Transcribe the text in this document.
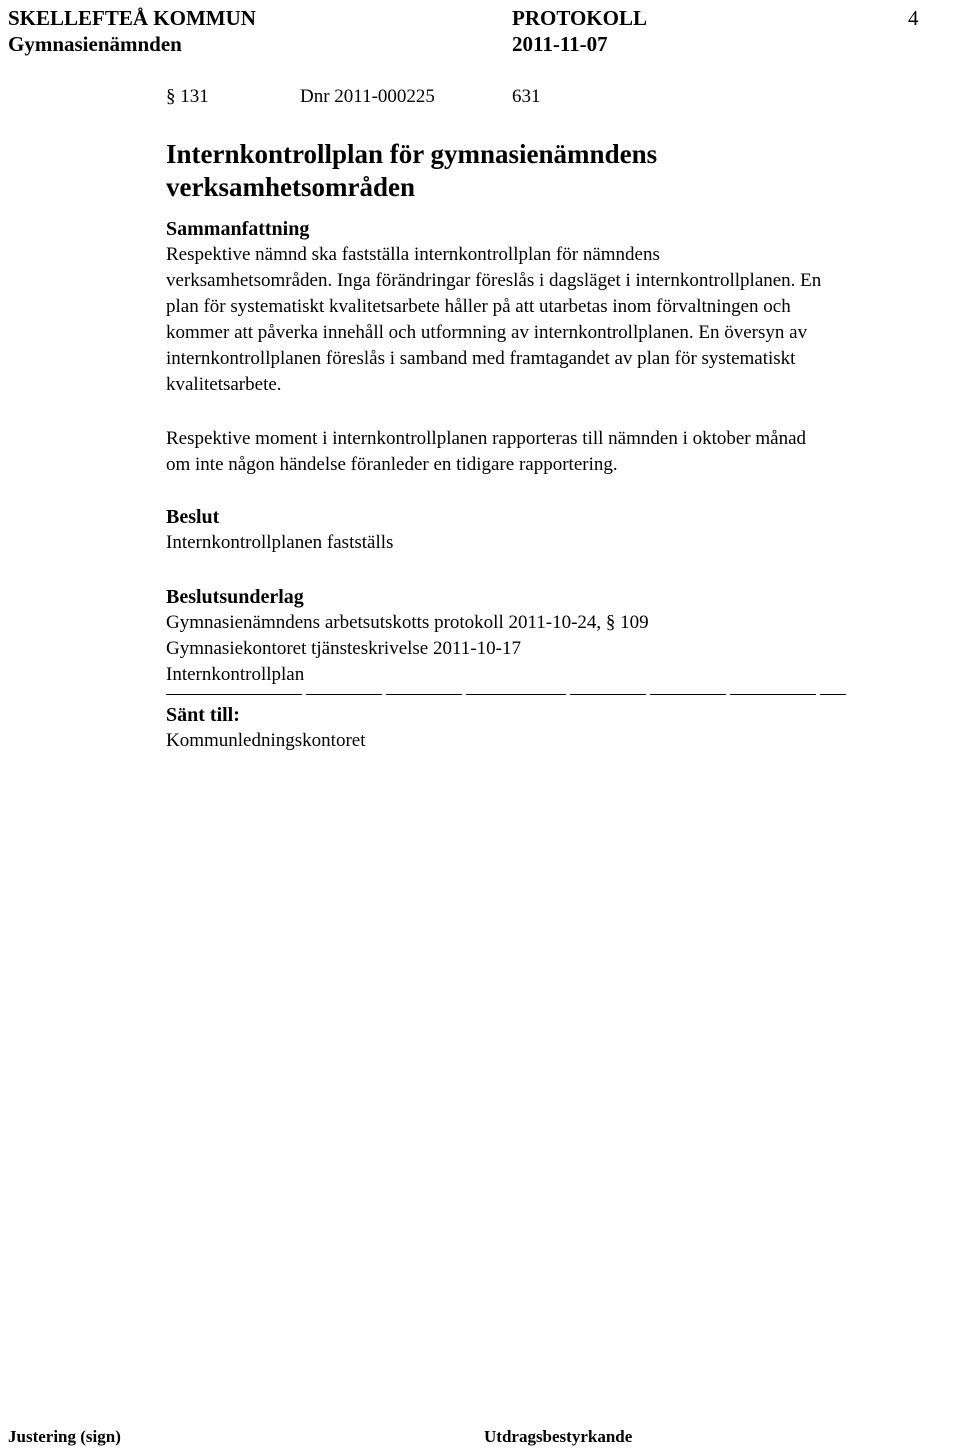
SKELLEFTEÅ KOMMUN	PROTOKOLL	4
Gymnasienämnden	2011-11-07
§ 131	Dnr 2011-000225	631
Internkontrollplan för gymnasienämndens
verksamhetsområden
Sammanfattning
Respektive nämnd ska fastställa internkontrollplan för nämndens
verksamhetsområden. Inga förändringar föreslås i dagsläget i internkontrollplanen. En
plan för systematiskt kvalitetsarbete håller på att utarbetas inom förvaltningen och
kommer att påverka innehåll och utformning av internkontrollplanen. En översyn av
internkontrollplanen föreslås i samband med framtagandet av plan för systematiskt
kvalitetsarbete.
Respektive moment i internkontrollplanen rapporteras till nämnden i oktober månad
om inte någon händelse föranleder en tidigare rapportering.
Beslut
Internkontrollplanen fastställs
Beslutsunderlag
Gymnasienämndens arbetsutskotts protokoll 2011-10-24, § 109
Gymnasiekontoret tjänsteskrivelse 2011-10-17
Internkontrollplan
Sänt till:
Kommunledningskontoret
Justering (sign)	Utdragsbestyrkande
